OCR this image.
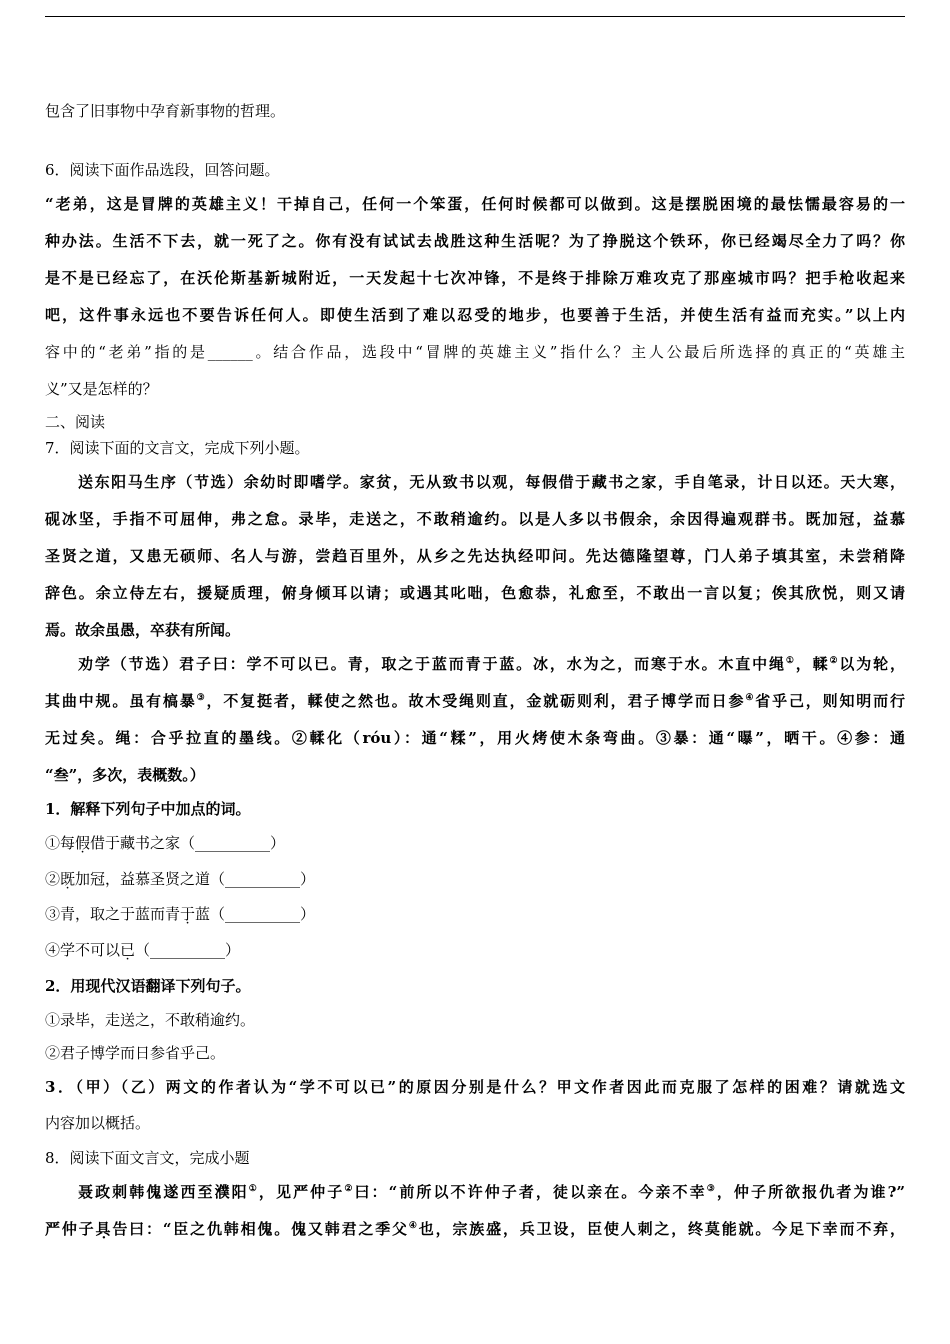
包含了旧事物中孕育新事物的哲理。
6．阅读下面作品选段，回答问题。
“老弟，这是冒牌的英雄主义！干掉自己，任何一个笨蛋，任何时候都可以做到。这是摆脱困境的最怯懦最容易的一
种办法。生活不下去，就一死了之。你有没有试试去战胜这种生活呢？为了挣脱这个铁环，你已经竭尽全力了吗？你
是不是已经忘了，在沃伦斯基新城附近，一天发起十七次冲锋，不是终于排除万难攻克了那座城市吗？把手枪收起来
吧，这件事永远也不要告诉任何人。即使生活到了难以忍受的地步，也要善于生活，并使生活有益而充实。”以上内
容中的“老弟”指的是______。结合作品，选段中“冒牌的英雄主义”指什么？主人公最后所选择的真正的“英雄主
义”又是怎样的？
二、阅读
7．阅读下面的文言文，完成下列小题。
送东阳马生序（节选）余幼时即嗜学。家贫，无从致书以观，每假借于藏书之家，手自笔录，计日以还。天大寒，
砚冰坚，手指不可屈伸，弗之怠。录毕，走送之，不敢稍逾约。以是人多以书假余，余因得遍观群书。既加冠，益慕
圣贤之道，又患无硕师、名人与游，尝趋百里外，从乡之先达执经叩问。先达德隆望尊，门人弟子填其室，未尝稍降
辞色。余立侍左右，援疑质理，俯身倾耳以请；或遇其叱咄，色愈恭，礼愈至，不敢出一言以复；俟其欣悦，则又请
焉。故余虽愚，卒获有所闻。
劝学（节选）君子曰：学不可以已。青，取之于蓝而青于蓝。冰，水为之，而寒于水。木直中绳①，輮②以为轮，
其曲中规。虽有槁暴③，不复挺者，輮使之然也。故木受绳则直，金就砺则利，君子博学而日参④省乎己，则知明而行
无过矣。绳：合乎拉直的墨线。②輮化（róu）：通“糅”，用火烤使木条弯曲。③暴：通“曝”，晒干。④参：通
“叁”，多次，表概数。）
1．解释下列句子中加点的词。
①每假借于藏书之家（__________）
②既加冠，益慕圣贤之道（__________）
③青，取之于蓝而青于蓝（__________）
④学不可以已（__________）
2．用现代汉语翻译下列句子。
①录毕，走送之，不敢稍逾约。
②君子博学而日参省乎己。
3．（甲）（乙）两文的作者认为“学不可以已”的原因分别是什么？甲文作者因此而克服了怎样的困难？请就选文
内容加以概括。
8．阅读下面文言文，完成小题
聂政刺韩傀遂西至濮阳①，见严仲子②曰：“前所以不许仲子者，徒以亲在。今亲不幸③，仲子所欲报仇者为谁?”
严仲子具告曰：“臣之仇韩相傀。傀又韩君之季父④也，宗族盛，兵卫设，臣使人刺之，终莫能就。今足下幸而不弃，
